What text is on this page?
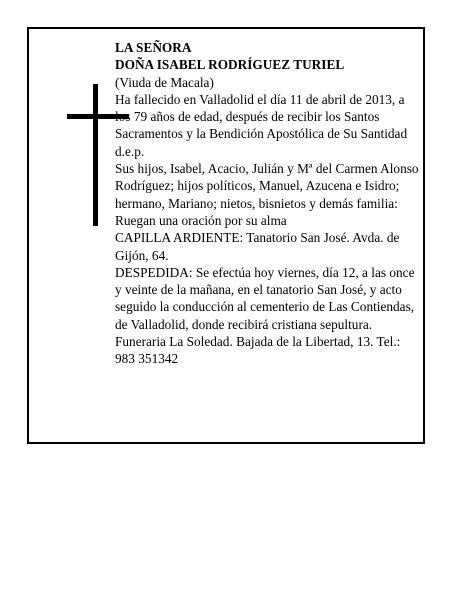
LA SEÑORA

DOÑA ISABEL RODRÍGUEZ TURIEL

(Viuda de Macala)

Ha fallecido en Valladolid el día 11 de abril de 2013, a los 79 años de edad, después de recibir los Santos Sacramentos y la Bendición Apostólica de Su Santidad

d.e.p.

Sus hijos, Isabel, Acacio, Julián y Mª del Carmen Alonso Rodríguez; hijos políticos, Manuel, Azucena e Isidro; hermano, Mariano; nietos, bisnietos y demás familia:

Ruegan una oración por su alma

CAPILLA ARDIENTE: Tanatorio San José. Avda. de Gijón, 64.

DESPEDIDA: Se efectúa hoy viernes, día 12, a las once y veinte de la mañana, en el tanatorio San José, y acto seguido la conducción al cementerio de Las Contiendas, de Valladolid, donde recibirá cristiana sepultura.

Funeraria La Soledad. Bajada de la Libertad, 13. Tel.: 983 351342
